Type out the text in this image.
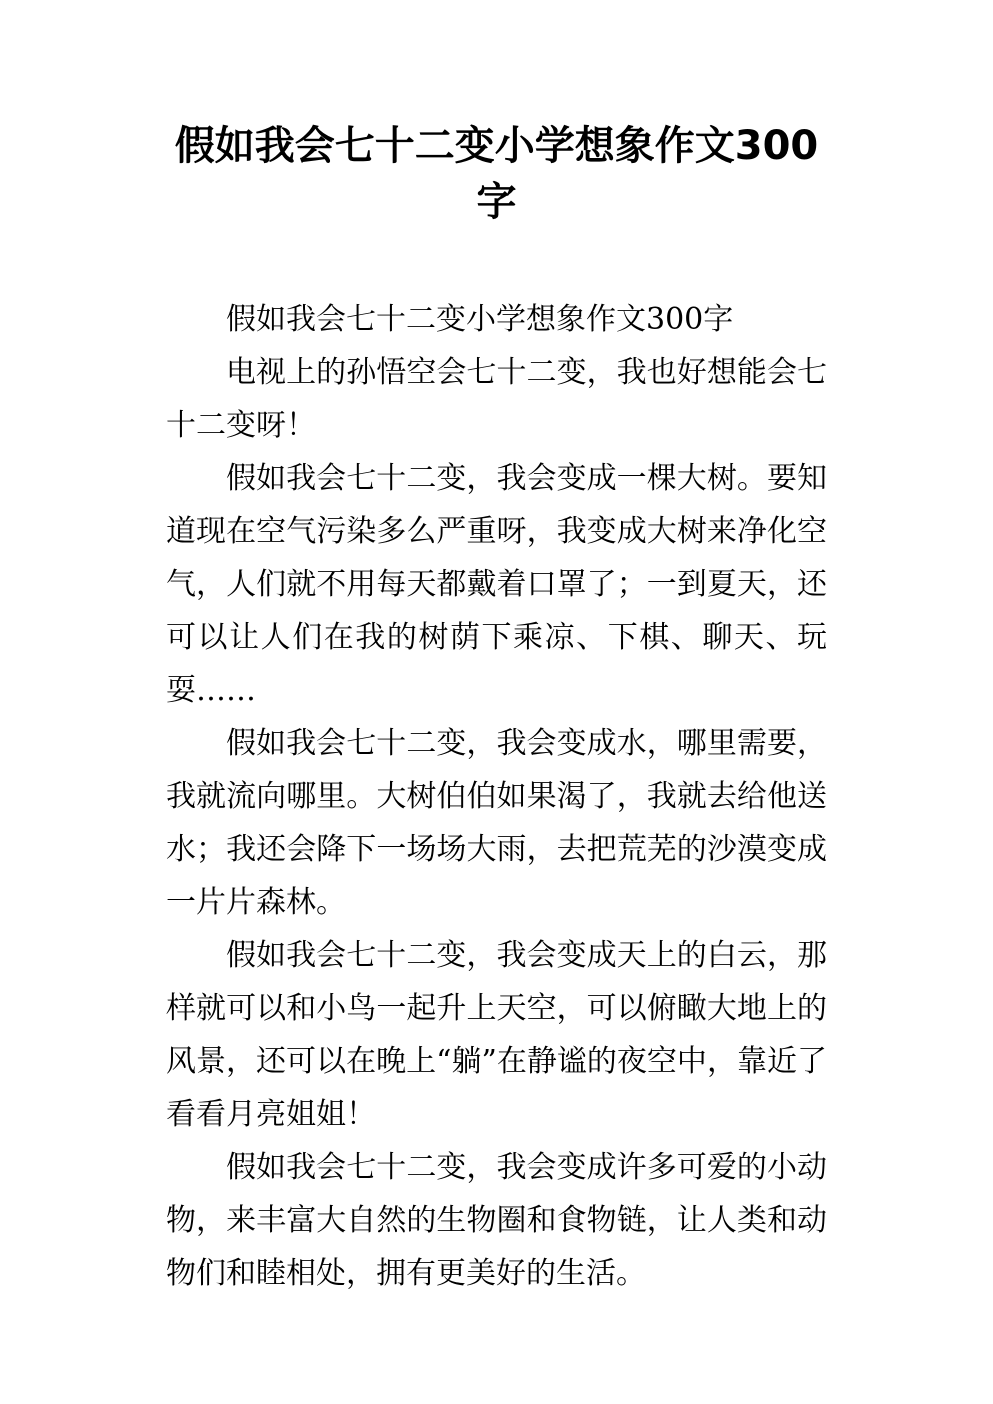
假如我会七十二变小学想象作文300字

假如我会七十二变小学想象作文300字

电视上的孙悟空会七十二变，我也好想能会七十二变呀！

假如我会七十二变，我会变成一棵大树。要知道现在空气污染多么严重呀，我变成大树来净化空气，人们就不用每天都戴着口罩了；一到夏天，还可以让人们在我的树荫下乘凉、下棋、聊天、玩耍……

假如我会七十二变，我会变成水，哪里需要，我就流向哪里。大树伯伯如果渴了，我就去给他送水；我还会降下一场场大雨，去把荒芜的沙漠变成一片片森林。

假如我会七十二变，我会变成天上的白云，那样就可以和小鸟一起升上天空，可以俯瞰大地上的风景，还可以在晚上“躺”在静谧的夜空中，靠近了看看月亮姐姐！

假如我会七十二变，我会变成许多可爱的小动物，来丰富大自然的生物圈和食物链，让人类和动物们和睦相处，拥有更美好的生活。
